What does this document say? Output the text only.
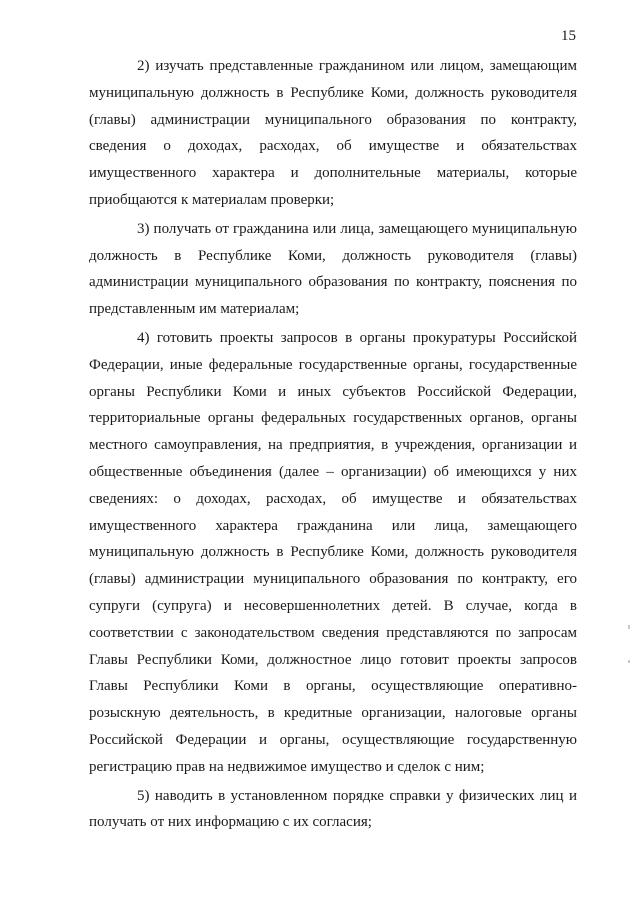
15

2) изучать представленные гражданином или лицом, замещающим муниципальную должность в Республике Коми, должность руководителя (главы) администрации муниципального образования по контракту, сведения о доходах, расходах, об имуществе и обязательствах имущественного характера и дополнительные материалы, которые приобщаются к материалам проверки;

3) получать от гражданина или лица, замещающего муниципальную должность в Республике Коми, должность руководителя (главы) администрации муниципального образования по контракту, пояснения по представленным им материалам;

4) готовить проекты запросов в органы прокуратуры Российской Федерации, иные федеральные государственные органы, государственные органы Республики Коми и иных субъектов Российской Федерации, территориальные органы федеральных государственных органов, органы местного самоуправления, на предприятия, в учреждения, организации и общественные объединения (далее – организации) об имеющихся у них сведениях: о доходах, расходах, об имуществе и обязательствах имущественного характера гражданина или лица, замещающего муниципальную должность в Республике Коми, должность руководителя (главы) администрации муниципального образования по контракту, его супруги (супруга) и несовершеннолетних детей. В случае, когда в соответствии с законодательством сведения представляются по запросам Главы Республики Коми, должностное лицо готовит проекты запросов Главы Республики Коми в органы, осуществляющие оперативно-розыскную деятельность, в кредитные организации, налоговые органы Российской Федерации и органы, осуществляющие государственную регистрацию прав на недвижимое имущество и сделок с ним;

5) наводить в установленном порядке справки у физических лиц и получать от них информацию с их согласия;
